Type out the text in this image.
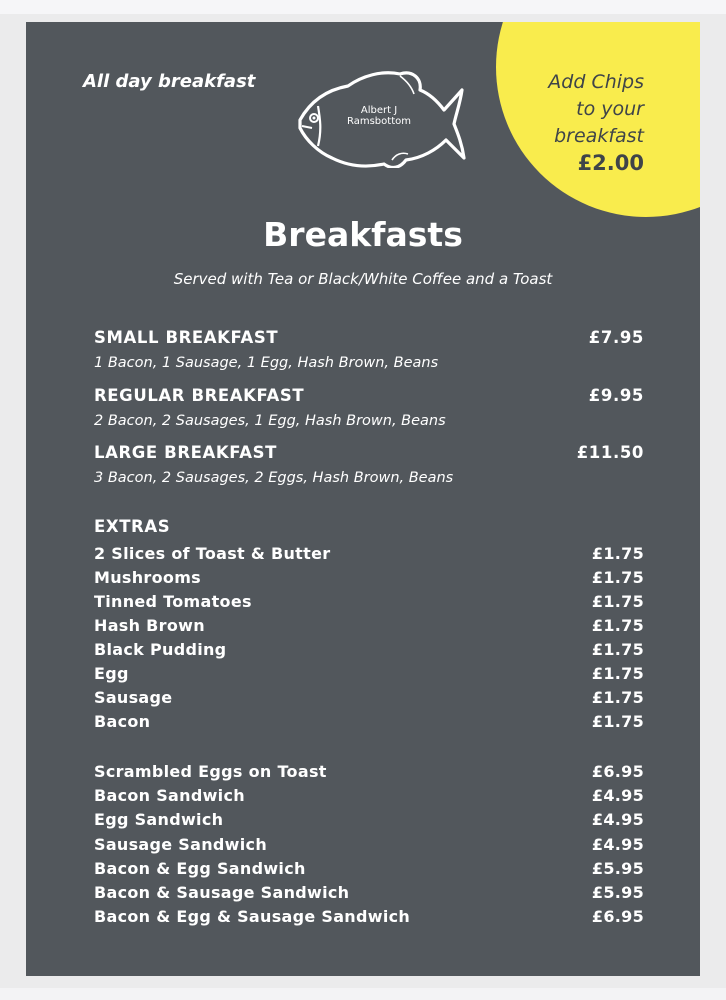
Add Chips
to your
breakfast
£2.00
All day breakfast
Albert J
Ramsbottom
Breakfasts
Served with Tea or Black/White Coffee and a Toast
SMALL BREAKFAST	£7.95
1 Bacon, 1 Sausage, 1 Egg, Hash Brown, Beans
REGULAR BREAKFAST	£9.95
2 Bacon, 2 Sausages, 1 Egg, Hash Brown, Beans
LARGE BREAKFAST	£11.50
3 Bacon, 2 Sausages, 2 Eggs, Hash Brown, Beans
EXTRAS
2 Slices of Toast & Butter	£1.75
Mushrooms	£1.75
Tinned Tomatoes	£1.75
Hash Brown	£1.75
Black Pudding	£1.75
Egg	£1.75
Sausage	£1.75
Bacon	£1.75
Scrambled Eggs on Toast	£6.95
Bacon Sandwich	£4.95
Egg Sandwich	£4.95
Sausage Sandwich	£4.95
Bacon & Egg Sandwich	£5.95
Bacon & Sausage Sandwich	£5.95
Bacon & Egg & Sausage Sandwich	£6.95
